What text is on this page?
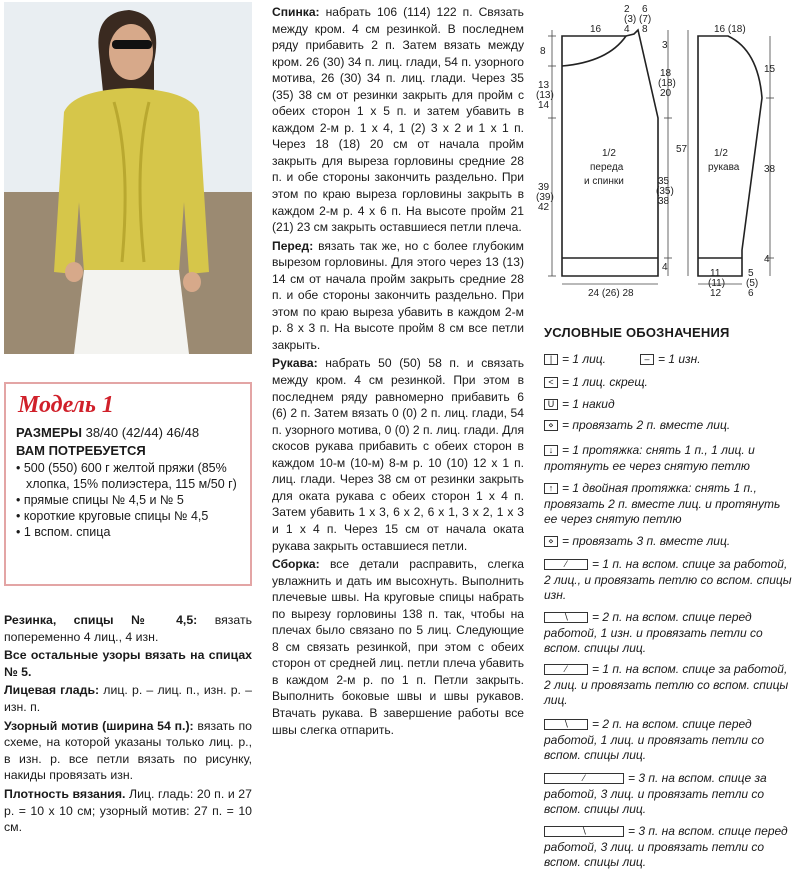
Модель 1
РАЗМЕРЫ 38/40 (42/44) 46/48
ВАМ ПОТРЕБУЕТСЯ
• 500 (550) 600 г желтой пряжи (85% хлопка, 15% полиэстера, 115 м/50 г)
• прямые спицы № 4,5 и № 5
• короткие круговые спицы № 4,5
• 1 вспом. спица

Резинка, спицы № 4,5: вязать попеременно 4 лиц., 4 изн.

Все остальные узоры вязать на спицах № 5.

Лицевая гладь: лиц. р. – лиц. п., изн. р. – изн. п.

Узорный мотив (ширина 54 п.): вязать по схеме, на которой указаны только лиц. р., в изн. р. все петли вязать по рисунку, накиды провязать изн.

Плотность вязания. Лиц. гладь: 20 п. и 27 р. = 10 х 10 см; узорный мотив: 27 п. = 10 см.

Спинка: набрать 106 (114) 122 п. Связать между кром. 4 см резинкой. В последнем ряду прибавить 2 п. Затем вязать между кром. 26 (30) 34 п. лиц. глади, 54 п. узорного мотива, 26 (30) 34 п. лиц. глади. Через 35 (35) 38 см от резинки закрыть для пройм с обеих сторон 1 х 5 п. и затем убавить в каждом 2-м р. 1 х 4, 1 (2) 3 х 2 и 1 х 1 п. Через 18 (18) 20 см от начала пройм закрыть для выреза горловины средние 28 п. и обе стороны закончить раздельно. При этом по краю выреза горловины закрыть в каждом 2-м р. 4 х 6 п. На высоте пройм 21 (21) 23 см закрыть оставшиеся петли плеча.

Перед: вязать так же, но с более глубоким вырезом горловины. Для этого через 13 (13) 14 см от начала пройм закрыть средние 28 п. и обе стороны закончить раздельно. При этом по краю выреза убавить в каждом 2-м р. 8 х 3 п. На высоте пройм 8 см все петли закрыть.

Рукава: набрать 50 (50) 58 п. и связать между кром. 4 см резинкой. При этом в последнем ряду равномерно прибавить 6 (6) 2 п. Затем вязать 0 (0) 2 п. лиц. глади, 54 п. узорного мотива, 0 (0) 2 п. лиц. глади. Для скосов рукава прибавить с обеих сторон в каждом 10-м (10-м) 8-м р. 10 (10) 12 х 1 п. лиц. глади. Через 38 см от резинки закрыть для оката рукава с обеих сторон 1 х 4 п. Затем убавить 1 х 3, 6 х 2, 6 х 1, 3 х 2, 1 х 3 и 1 х 4 п. Через 15 см от начала оката рукава закрыть оставшиеся петли.

Сборка: все детали расправить, слегка увлажнить и дать им высохнуть. Выполнить плечевые швы. На круговые спицы набрать по вырезу горловины 138 п. так, чтобы на плечах было связано по 5 лиц. Следующие 8 см связать резинкой, при этом с обеих сторон от средней лиц. петли плеча убавить в каждом 2-м р. по 1 п. Петли закрыть. Выполнить боковые швы и швы рукавов. Втачать рукава. В завершение работы все швы слегка отпарить.

16
2
(3)
4
6
(7)
8
3
8
13
(13)
14
18
(18)
20
35
(35)
38
39
(39)
42
4
24 (26) 28
1/2
переда
и спинки
16 (18)
15
57
38
1/2
рукава
4
11
(11)
12
5
(5)
6
УСЛОВНЫЕ ОБОЗНАЧЕНИЯ
| = 1 лиц.	– = 1 изн.
< = 1 лиц. скрещ.
U = 1 накид
⋄ = провязать 2 п. вместе лиц.
↓ = 1 протяжка: снять 1 п., 1 лиц. и протянуть ее через снятую петлю
↑ = 1 двойная протяжка: снять 1 п., провязать 2 п. вместе лиц. и протянуть ее через снятую петлю
⋄ = провязать 3 п. вместе лиц.
⁄ = 1 п. на вспом. спице за работой, 2 лиц., и провязать петлю со вспом. спицы изн.
∖ = 2 п. на вспом. спице перед работой, 1 изн. и провязать петли со вспом. спицы лиц.
⁄ = 1 п. на вспом. спице за работой, 2 лиц. и провязать петлю со вспом. спицы лиц.
∖ = 2 п. на вспом. спице перед работой, 1 лиц. и провязать петли со вспом. спицы лиц.
⁄	= 3 п. на вспом. спице за работой, 3 лиц. и провязать петли со вспом. спицы лиц.
∖	= 3 п. на вспом. спице перед работой, 3 лиц. и провязать петли со вспом. спицы лиц.
